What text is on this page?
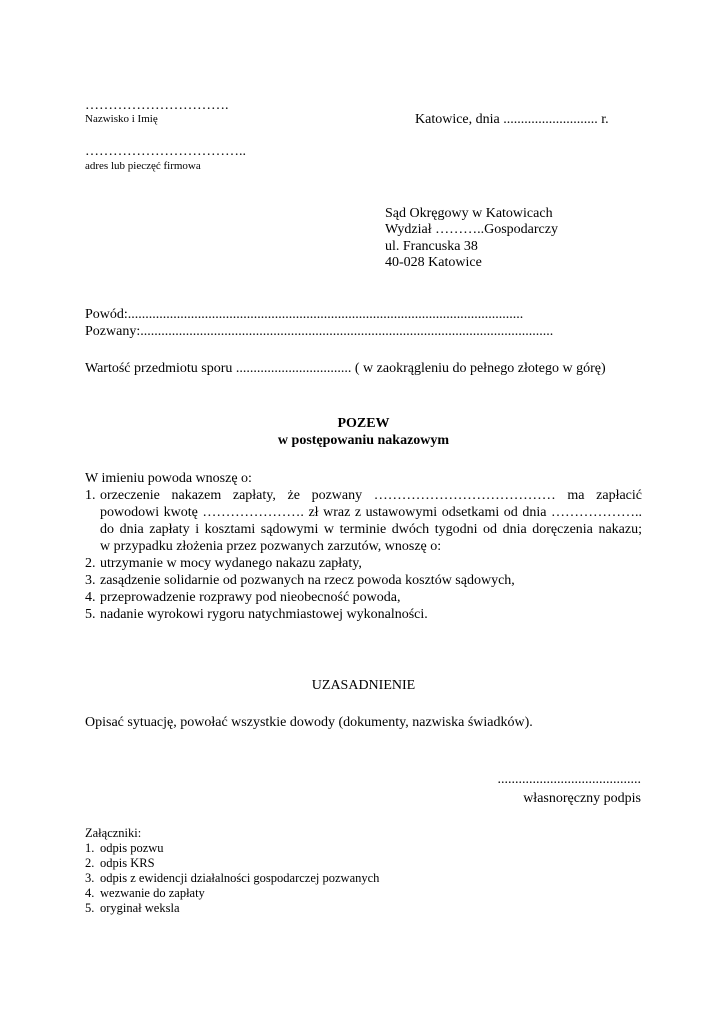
………………………….
Nazwisko i Imię
……………………………..
adres lub pieczęć firmowa
Katowice, dnia ........................... r.
Sąd Okręgowy w Katowicach
Wydział ………..Gospodarczy
ul. Francuska 38
40-028 Katowice
Powód:.................................................................................................................
Pozwany:......................................................................................................................
Wartość przedmiotu sporu ................................. ( w zaokrągleniu do pełnego złotego w górę)
POZEW
w postępowaniu nakazowym
W imieniu powoda wnoszę o:
1. orzeczenie nakazem zapłaty, że pozwany ………………………………… ma zapłacić
powodowi kwotę …………………. zł wraz z ustawowymi odsetkami od dnia ………………..
do dnia zapłaty i kosztami sądowymi w terminie dwóch tygodni od dnia doręczenia nakazu;
w przypadku złożenia przez pozwanych zarzutów, wnoszę o:
2. utrzymanie w mocy wydanego nakazu zapłaty,
3. zasądzenie solidarnie od pozwanych na rzecz powoda kosztów sądowych,
4. przeprowadzenie rozprawy pod nieobecność powoda,
5. nadanie wyrokowi rygoru natychmiastowej wykonalności.
UZASADNIENIE
Opisać sytuację, powołać wszystkie dowody (dokumenty, nazwiska świadków).
.........................................
własnoręczny podpis
Załączniki:
1. odpis pozwu
2. odpis KRS
3. odpis z ewidencji działalności gospodarczej pozwanych
4. wezwanie do zapłaty
5. oryginał weksla
